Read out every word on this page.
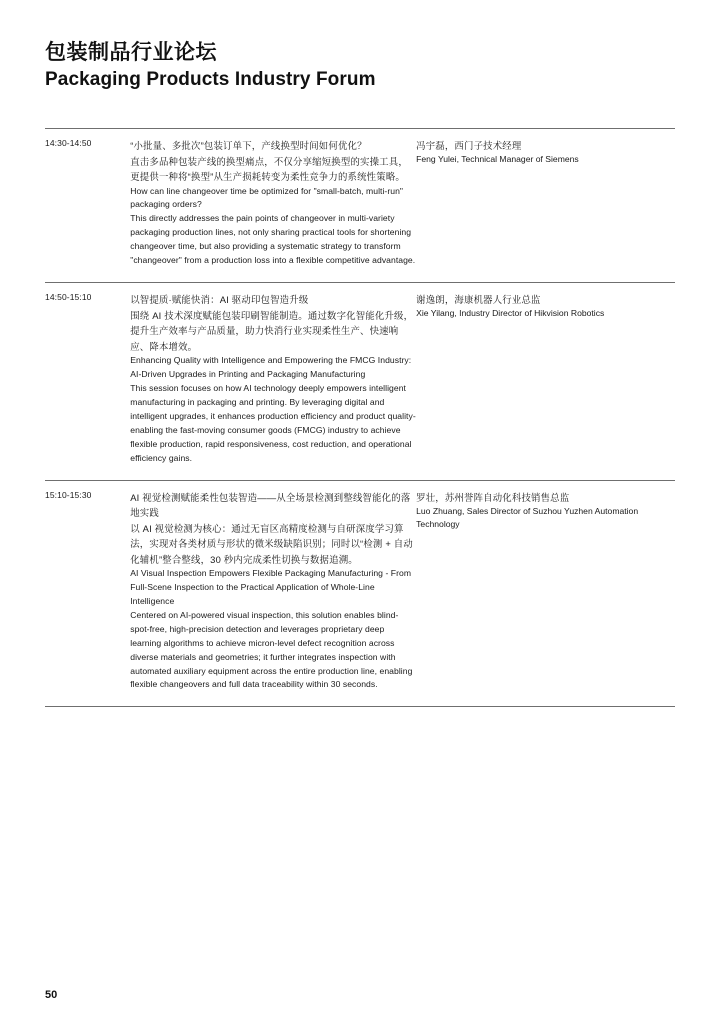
包装制品行业论坛
Packaging Products Industry Forum
14:30-14:50	“小批量、多批次”包装订单下，产线换型时间如何优化？
直击多品种包装产线的换型痛点，不仅分享缩短换型的实操工具，更提供一种将“换型”从生产损耗转变为柔性竞争力的系统性策略。
How can line changeover time be optimized for "small-batch, multi-run" packaging orders?
This directly addresses the pain points of changeover in multi-variety packaging production lines, not only sharing practical tools for shortening changeover time, but also providing a systematic strategy to transform "changeover" from a production loss into a flexible competitive advantage.

冯宇磊，西门子技术经理
Feng Yulei, Technical Manager of Siemens

14:50-15:10	以智提质·赋能快消：AI 驱动印包智造升级
围绕 AI 技术深度赋能包装印刷智能制造。通过数字化智能化升级，提升生产效率与产品质量，助力快消行业实现柔性生产、快速响应、降本增效。
Enhancing Quality with Intelligence and Empowering the FMCG Industry: AI-Driven Upgrades in Printing and Packaging Manufacturing
This session focuses on how AI technology deeply empowers intelligent manufacturing in packaging and printing. By leveraging digital and intelligent upgrades, it enhances production efficiency and product quality-enabling the fast-moving consumer goods (FMCG) industry to achieve flexible production, rapid responsiveness, cost reduction, and operational efficiency gains.

谢逸朗，海康机器人行业总监
Xie Yilang, Industry Director of Hikvision Robotics

15:10-15:30	AI 视觉检测赋能柔性包装智造——从全场景检测到整线智能化的落地实践
以 AI 视觉检测为核心：通过无盲区高精度检测与自研深度学习算法，实现对各类材质与形状的微米级缺陷识别；同时以“检测 + 自动化辅机”整合整线，30 秒内完成柔性切换与数据追溯。
AI Visual Inspection Empowers Flexible Packaging Manufacturing - From Full-Scene Inspection to the Practical Application of Whole-Line Intelligence
Centered on AI-powered visual inspection, this solution enables blind-spot-free, high-precision detection and leverages proprietary deep learning algorithms to achieve micron-level defect recognition across diverse materials and geometries; it further integrates inspection with automated auxiliary equipment across the entire production line, enabling flexible changeovers and full data traceability within 30 seconds.

罗壮，苏州誉阵自动化科技销售总监
Luo Zhuang, Sales Director of Suzhou Yuzhen Automation Technology

50
